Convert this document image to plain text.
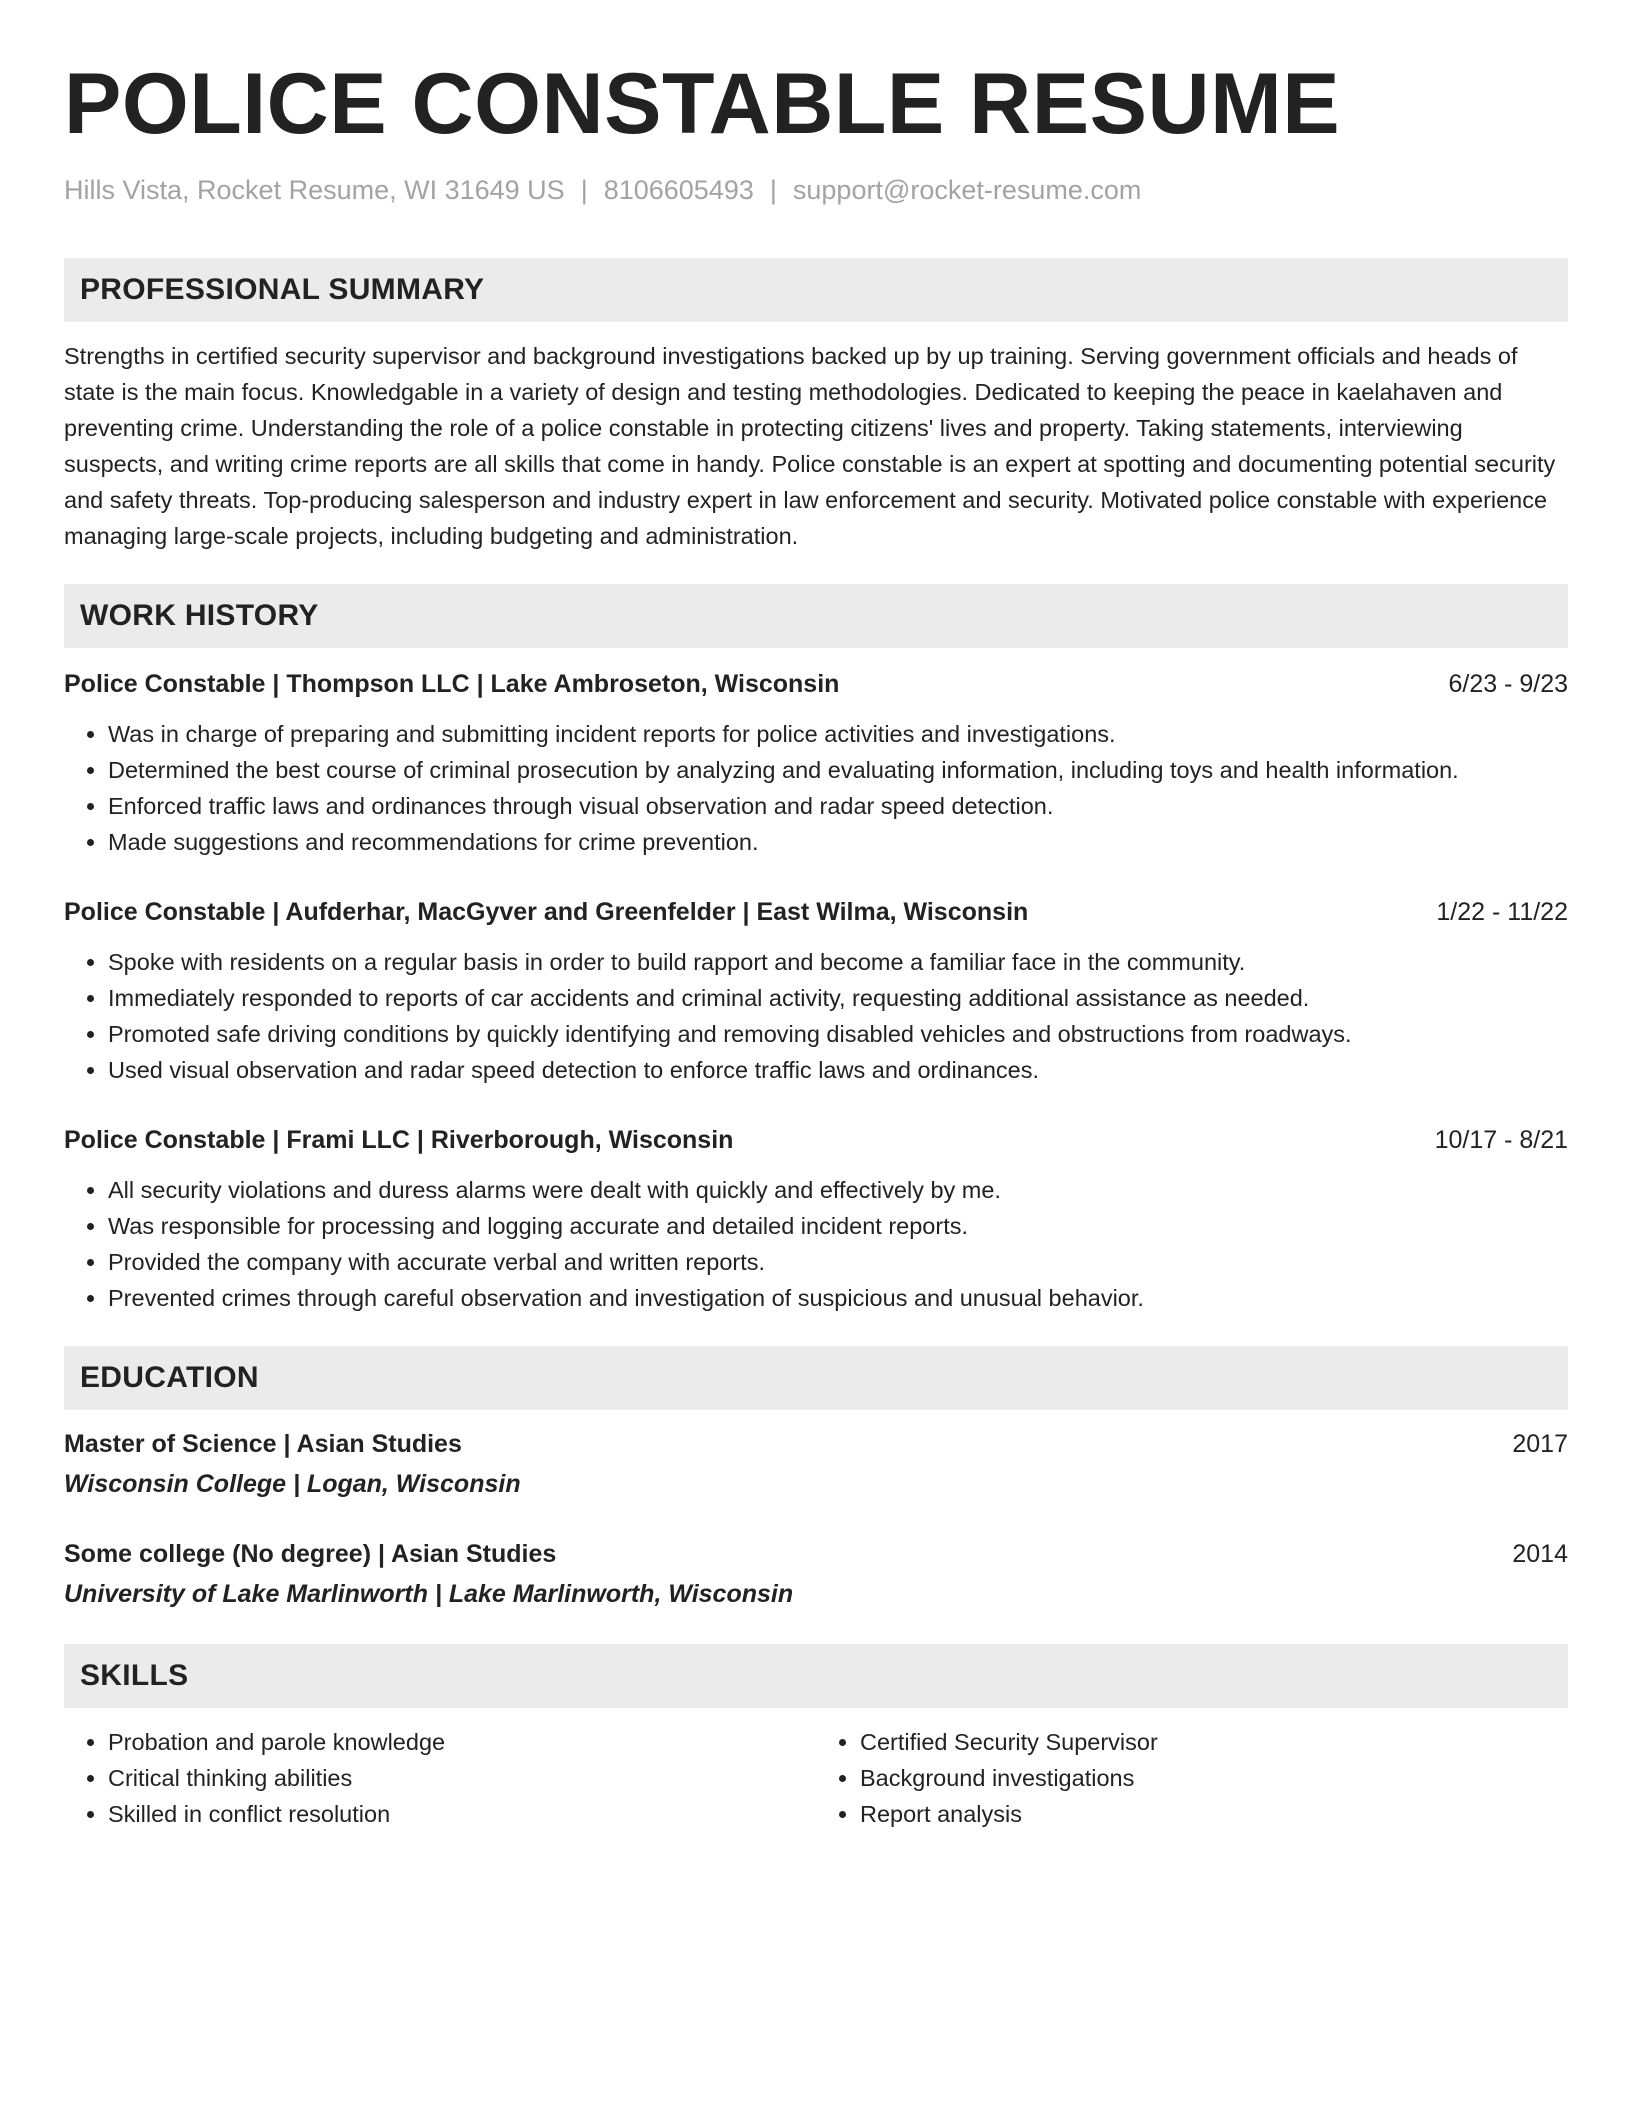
POLICE CONSTABLE RESUME
Hills Vista, Rocket Resume, WI 31649 US | 8106605493 | support@rocket-resume.com
PROFESSIONAL SUMMARY
Strengths in certified security supervisor and background investigations backed up by up training. Serving government officials and heads of state is the main focus. Knowledgable in a variety of design and testing methodologies. Dedicated to keeping the peace in kaelahaven and preventing crime. Understanding the role of a police constable in protecting citizens' lives and property. Taking statements, interviewing suspects, and writing crime reports are all skills that come in handy. Police constable is an expert at spotting and documenting potential security and safety threats. Top-producing salesperson and industry expert in law enforcement and security. Motivated police constable with experience managing large-scale projects, including budgeting and administration.
WORK HISTORY
Police Constable | Thompson LLC | Lake Ambroseton, Wisconsin	6/23 - 9/23
• Was in charge of preparing and submitting incident reports for police activities and investigations.
• Determined the best course of criminal prosecution by analyzing and evaluating information, including toys and health information.
• Enforced traffic laws and ordinances through visual observation and radar speed detection.
• Made suggestions and recommendations for crime prevention.
Police Constable | Aufderhar, MacGyver and Greenfelder | East Wilma, Wisconsin	1/22 - 11/22
• Spoke with residents on a regular basis in order to build rapport and become a familiar face in the community.
• Immediately responded to reports of car accidents and criminal activity, requesting additional assistance as needed.
• Promoted safe driving conditions by quickly identifying and removing disabled vehicles and obstructions from roadways.
• Used visual observation and radar speed detection to enforce traffic laws and ordinances.
Police Constable | Frami LLC | Riverborough, Wisconsin	10/17 - 8/21
• All security violations and duress alarms were dealt with quickly and effectively by me.
• Was responsible for processing and logging accurate and detailed incident reports.
• Provided the company with accurate verbal and written reports.
• Prevented crimes through careful observation and investigation of suspicious and unusual behavior.
EDUCATION
Master of Science | Asian Studies	2017
Wisconsin College | Logan, Wisconsin
Some college (No degree) | Asian Studies	2014
University of Lake Marlinworth | Lake Marlinworth, Wisconsin
SKILLS
• Probation and parole knowledge
• Critical thinking abilities
• Skilled in conflict resolution
• Certified Security Supervisor
• Background investigations
• Report analysis
